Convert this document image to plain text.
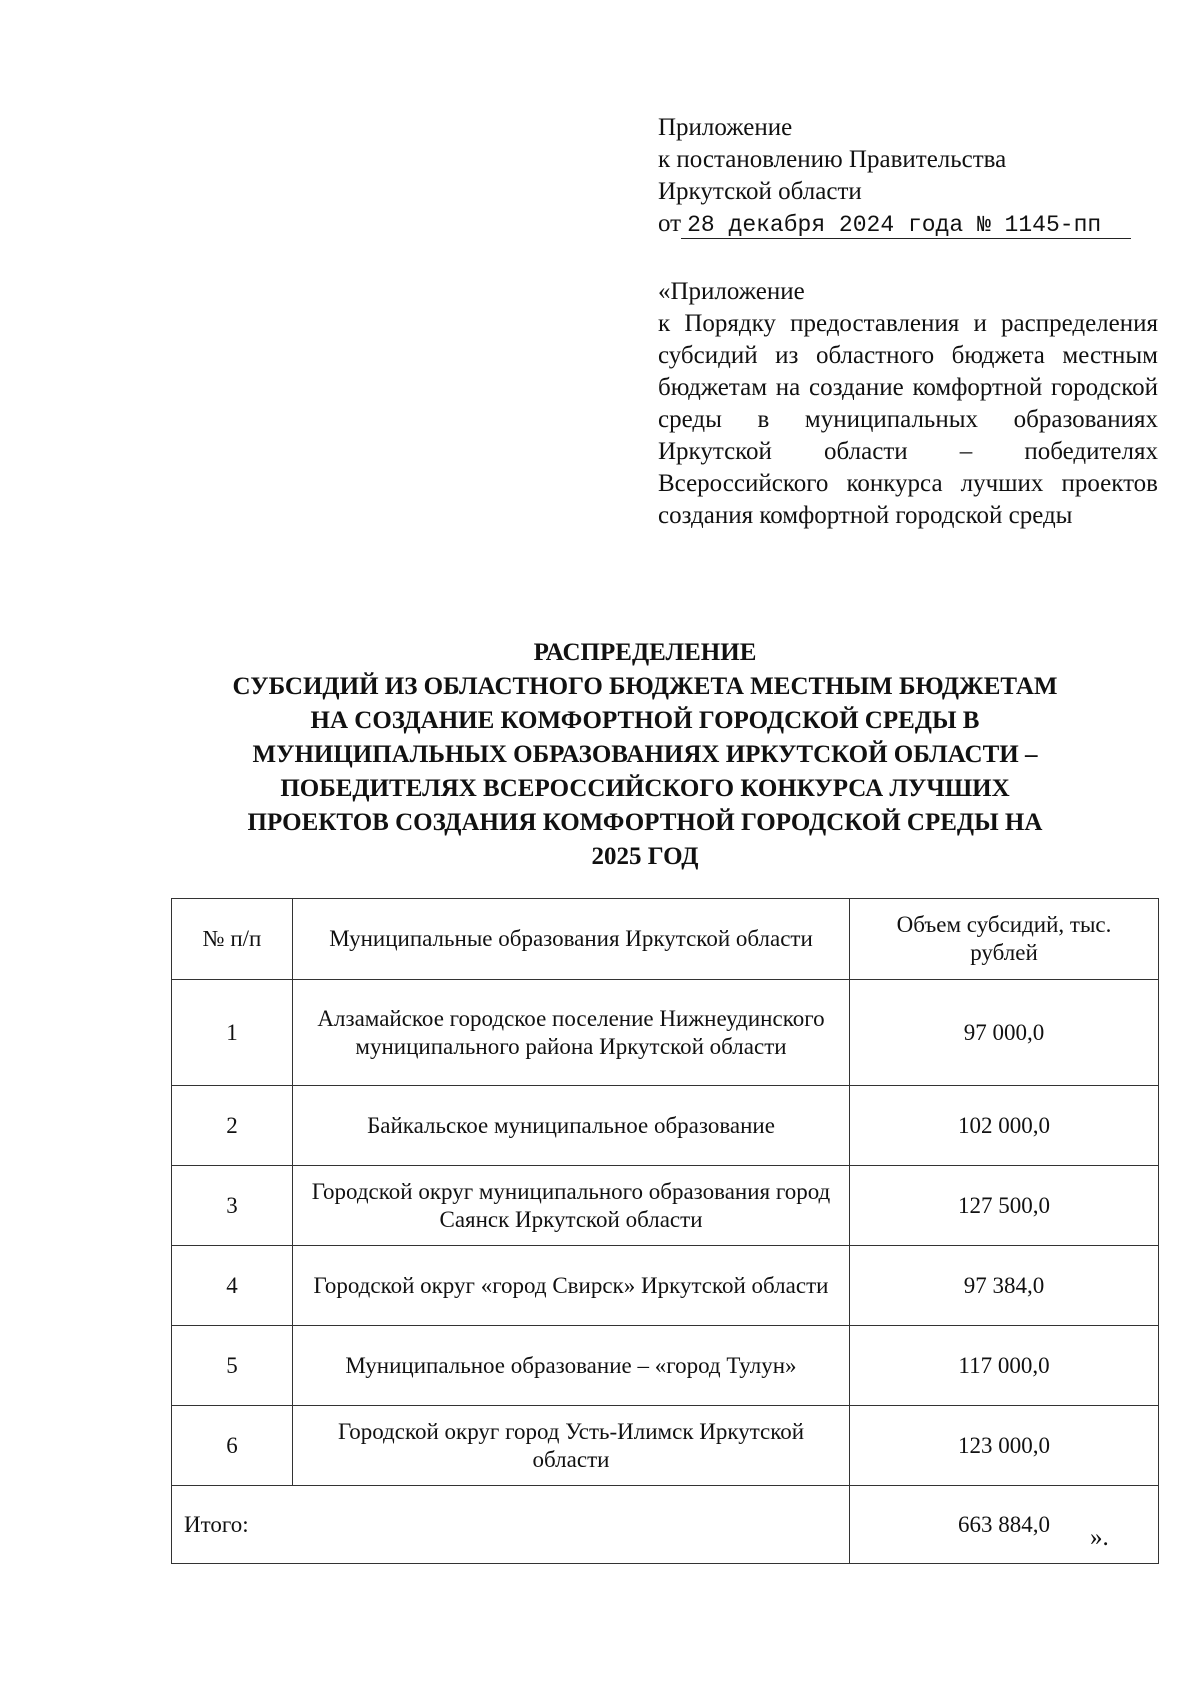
Приложение
к постановлению Правительства
Иркутской области
от 28 декабря 2024 года № 1145-пп
«Приложение
к Порядку предоставления и распределения субсидий из областного бюджета местным бюджетам на создание комфортной городской среды в муниципальных образованиях Иркутской области – победителях Всероссийского конкурса лучших проектов создания комфортной городской среды
РАСПРЕДЕЛЕНИЕ
СУБСИДИЙ ИЗ ОБЛАСТНОГО БЮДЖЕТА МЕСТНЫМ БЮДЖЕТАМ
НА СОЗДАНИЕ КОМФОРТНОЙ ГОРОДСКОЙ СРЕДЫ В
МУНИЦИПАЛЬНЫХ ОБРАЗОВАНИЯХ ИРКУТСКОЙ ОБЛАСТИ –
ПОБЕДИТЕЛЯХ ВСЕРОССИЙСКОГО КОНКУРСА ЛУЧШИХ
ПРОЕКТОВ СОЗДАНИЯ КОМФОРТНОЙ ГОРОДСКОЙ СРЕДЫ НА
2025 ГОД
№ п/п	Муниципальные образования Иркутской области	Объем субсидий, тыс. рублей
1	Алзамайское городское поселение Нижнеудинского муниципального района Иркутской области	97 000,0
2	Байкальское муниципальное образование	102 000,0
3	Городской округ муниципального образования город Саянск Иркутской области	127 500,0
4	Городской округ «город Свирск» Иркутской области	97 384,0
5	Муниципальное образование – «город Тулун»	117 000,0
6	Городской округ город Усть-Илимск Иркутской области	123 000,0
Итого:		663 884,0 ».
